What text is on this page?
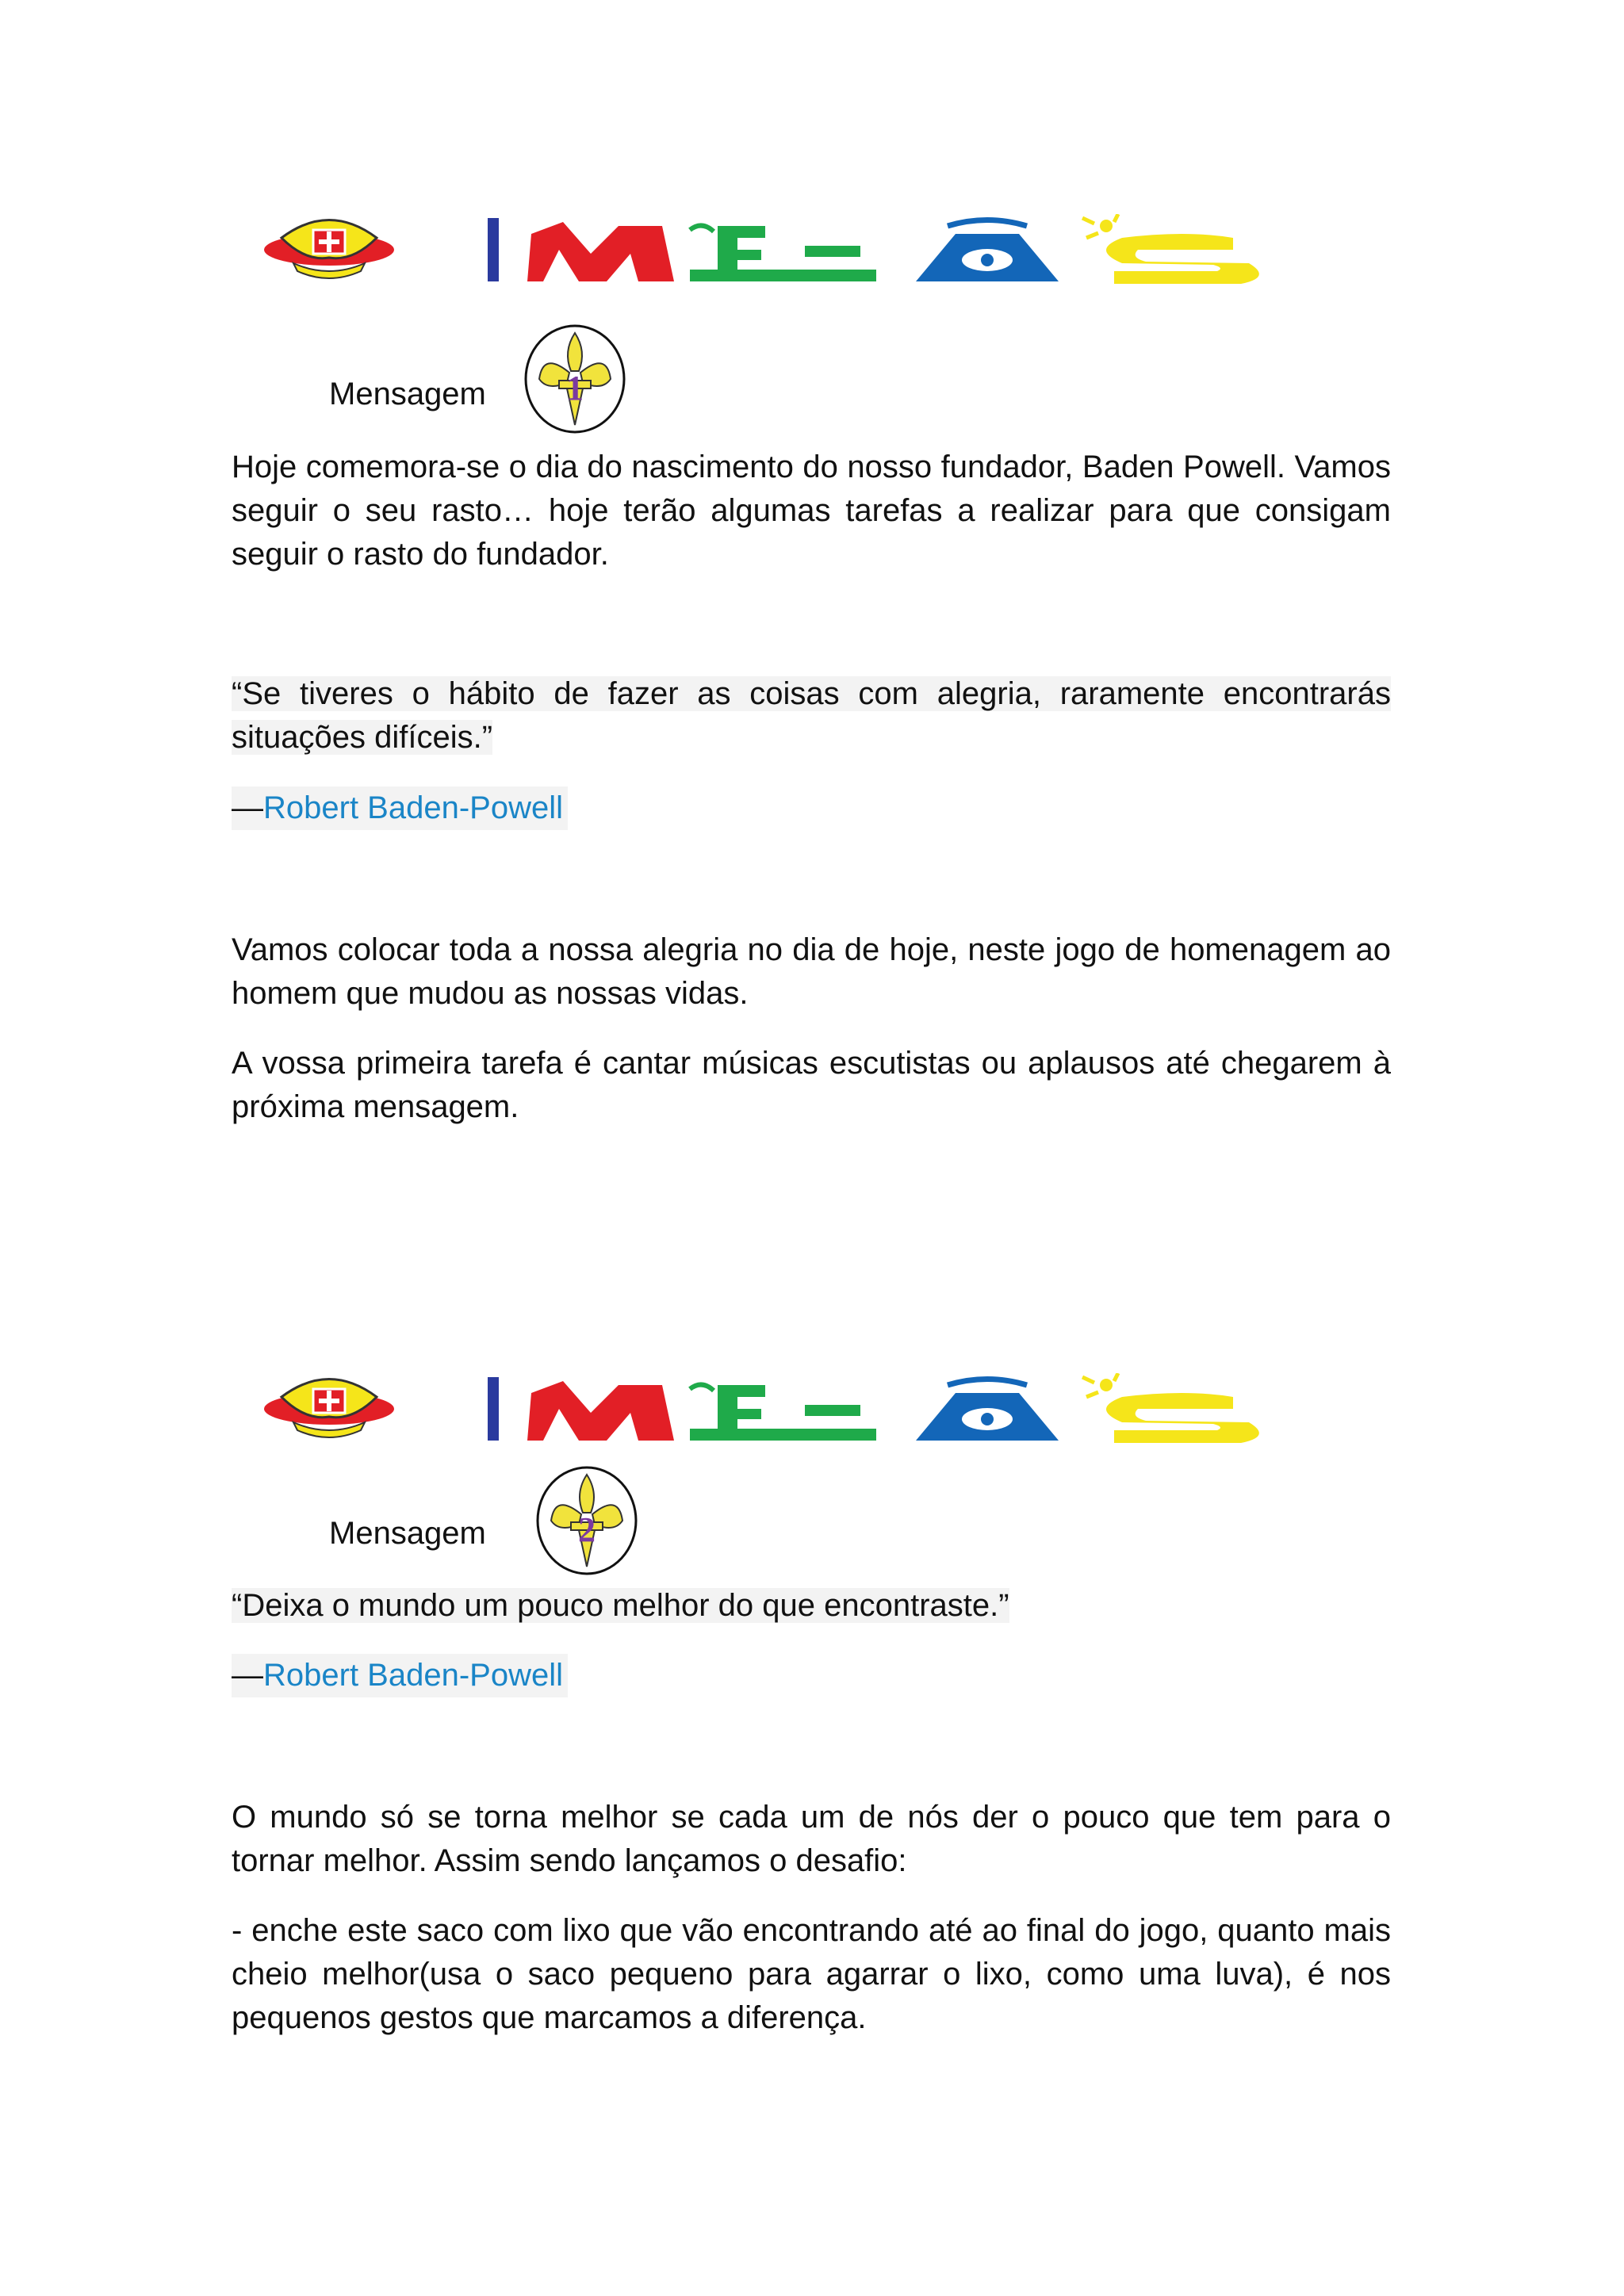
Mensagem 1
Hoje comemora-se o dia do nascimento do nosso fundador, Baden Powell. Vamos seguir o seu rasto… hoje terão algumas tarefas a realizar para que consigam seguir o rasto do fundador.
“Se tiveres o hábito de fazer as coisas com alegria, raramente encontrarás situações difíceis.”
—Robert Baden-Powell
Vamos colocar toda a nossa alegria no dia de hoje, neste jogo de homenagem ao homem que mudou as nossas vidas.
A vossa primeira tarefa é cantar músicas escutistas ou aplausos até chegarem à próxima mensagem.
Mensagem	2
“Deixa o mundo um pouco melhor do que encontraste.”
—Robert Baden-Powell
O mundo só se torna melhor se cada um de nós der o pouco que tem para o tornar melhor. Assim sendo lançamos o desafio:
- enche este saco com lixo que vão encontrando até ao final do jogo, quanto mais cheio melhor(usa o saco pequeno para agarrar o lixo, como uma luva), é nos pequenos gestos que marcamos a diferença.
